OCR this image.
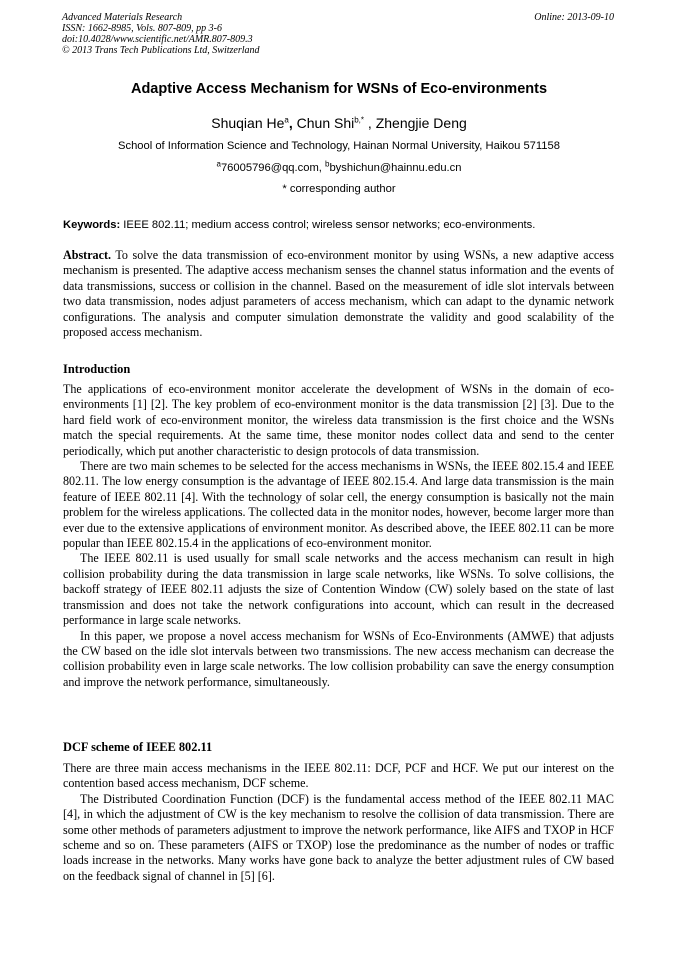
Advanced Materials Research
ISSN: 1662-8985, Vols. 807-809, pp 3-6
doi:10.4028/www.scientific.net/AMR.807-809.3
© 2013 Trans Tech Publications Ltd, Switzerland
Online: 2013-09-10
Adaptive Access Mechanism for WSNs of Eco-environments
Shuqian He$^a$, Chun Shi$^{b,*}$ , Zhengjie Deng
School of Information Science and Technology, Hainan Normal University, Haikou 571158
$^a$76005796@qq.com, $^b$byshichun@hainnu.edu.cn
* corresponding author
Keywords: IEEE 802.11; medium access control; wireless sensor networks; eco-environments.

Abstract. To solve the data transmission of eco-environment monitor by using WSNs, a new adaptive access mechanism is presented. The adaptive access mechanism senses the channel status information and the events of data transmissions, success or collision in the channel. Based on the measurement of idle slot intervals between two data transmission, nodes adjust parameters of access mechanism, which can adapt to the dynamic network configurations. The analysis and computer simulation demonstrate the validity and good scalability of the proposed access mechanism.

Introduction

The applications of eco-environment monitor accelerate the development of WSNs in the domain of eco-environments [1] [2]. The key problem of eco-environment monitor is the data transmission [2] [3]. Due to the hard field work of eco-environment monitor, the wireless data transmission is the first choice and the WSNs match the special requirements. At the same time, these monitor nodes collect data and send to the center periodically, which put another characteristic to design protocols of data transmission.

There are two main schemes to be selected for the access mechanisms in WSNs, the IEEE 802.15.4 and IEEE 802.11. The low energy consumption is the advantage of IEEE 802.15.4. And large data transmission is the main feature of IEEE 802.11 [4]. With the technology of solar cell, the energy consumption is basically not the main problem for the wireless applications. The collected data in the monitor nodes, however, become larger more than ever due to the extensive applications of environment monitor. As described above, the IEEE 802.11 can be more popular than IEEE 802.15.4 in the applications of eco-environment monitor.

The IEEE 802.11 is used usually for small scale networks and the access mechanism can result in high collision probability during the data transmission in large scale networks, like WSNs. To solve collisions, the backoff strategy of IEEE 802.11 adjusts the size of Contention Window (CW) solely based on the state of last transmission and does not take the network configurations into account, which can result in the decreased performance in large scale networks.

In this paper, we propose a novel access mechanism for WSNs of Eco-Environments (AMWE) that adjusts the CW based on the idle slot intervals between two transmissions. The new access mechanism can decrease the collision probability even in large scale networks. The low collision probability can save the energy consumption and improve the network performance, simultaneously.

DCF scheme of IEEE 802.11

There are three main access mechanisms in the IEEE 802.11: DCF, PCF and HCF. We put our interest on the contention based access mechanism, DCF scheme.

The Distributed Coordination Function (DCF) is the fundamental access method of the IEEE 802.11 MAC [4], in which the adjustment of CW is the key mechanism to resolve the collision of data transmission. There are some other methods of parameters adjustment to improve the network performance, like AIFS and TXOP in HCF scheme and so on. These parameters (AIFS or TXOP) lose the predominance as the number of nodes or traffic loads increase in the networks. Many works have gone back to analyze the better adjustment rules of CW based on the feedback signal of channel in [5] [6].
